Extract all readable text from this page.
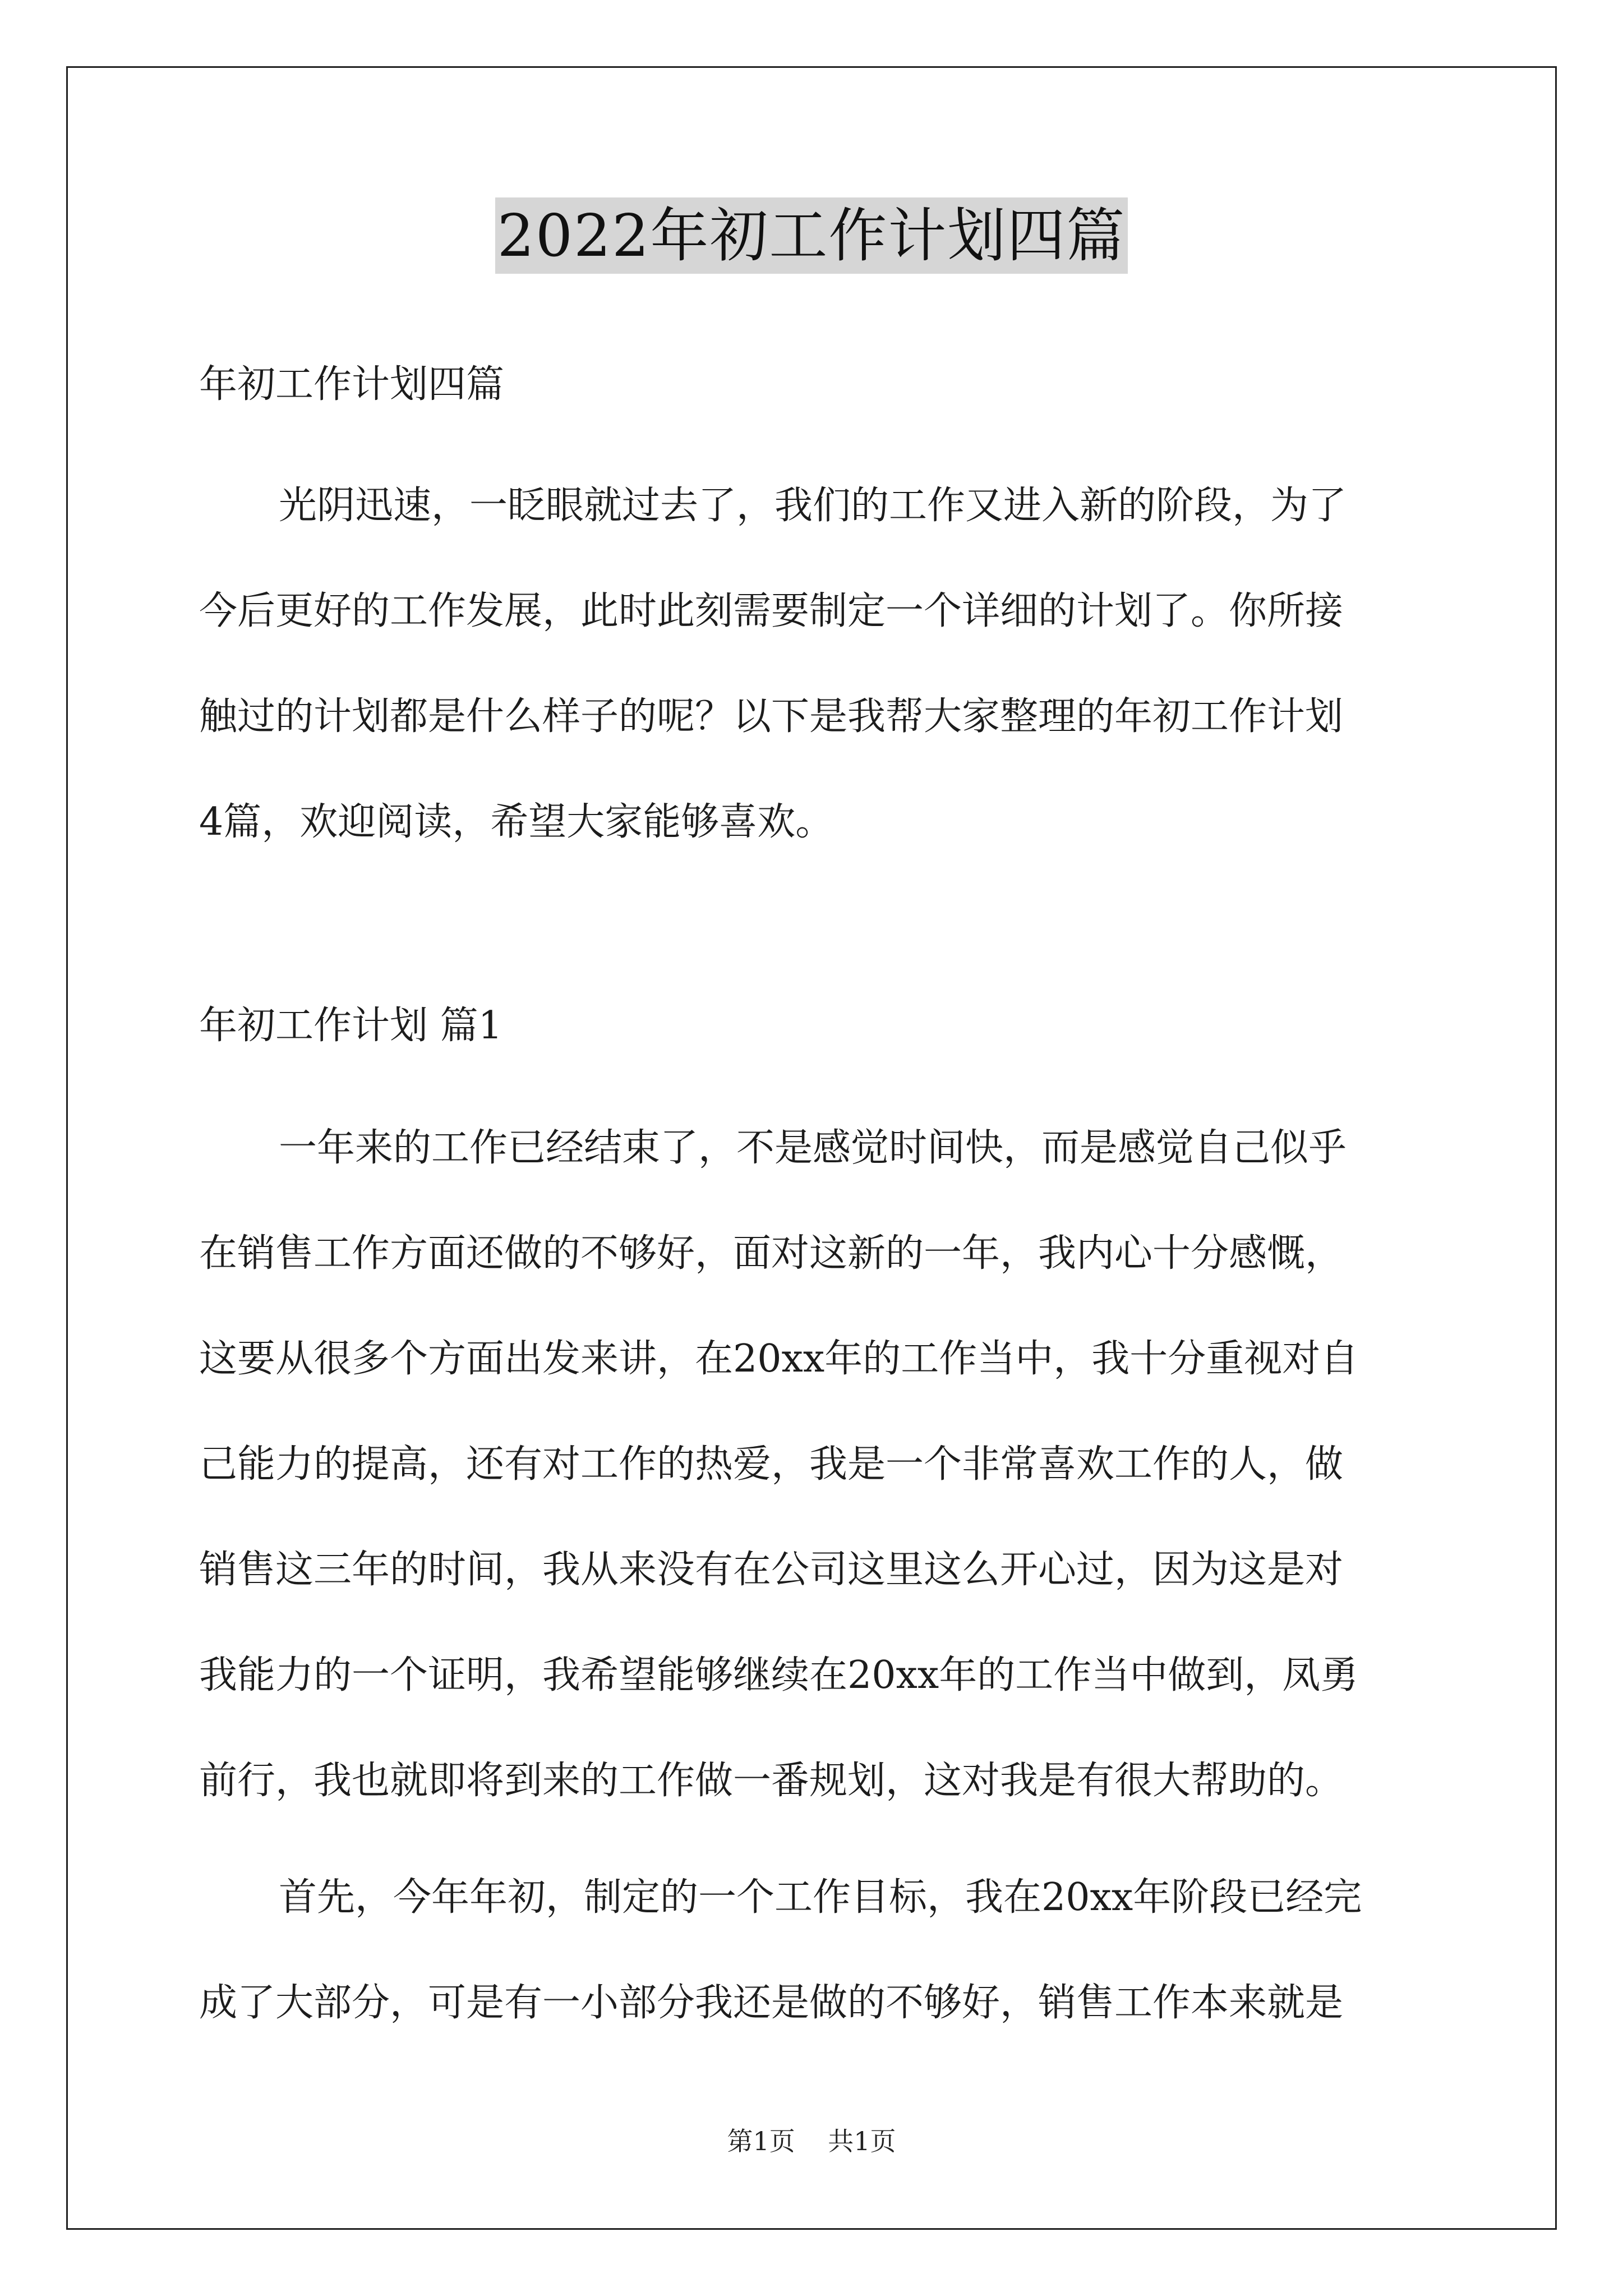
2022年初工作计划四篇
年初工作计划四篇
光阴迅速，一眨眼就过去了，我们的工作又进入新的阶段，为了
今后更好的工作发展，此时此刻需要制定一个详细的计划了。你所接
触过的计划都是什么样子的呢？以下是我帮大家整理的年初工作计划
4篇，欢迎阅读，希望大家能够喜欢。
年初工作计划 篇1
一年来的工作已经结束了，不是感觉时间快，而是感觉自己似乎
在销售工作方面还做的不够好，面对这新的一年，我内心十分感慨，
这要从很多个方面出发来讲，在20xx年的工作当中，我十分重视对自
己能力的提高，还有对工作的热爱，我是一个非常喜欢工作的人，做
销售这三年的时间，我从来没有在公司这里这么开心过，因为这是对
我能力的一个证明，我希望能够继续在20xx年的工作当中做到，凤勇
前行，我也就即将到来的工作做一番规划，这对我是有很大帮助的。
首先，今年年初，制定的一个工作目标，我在20xx年阶段已经完
成了大部分，可是有一小部分我还是做的不够好，销售工作本来就是
第1页 共1页
